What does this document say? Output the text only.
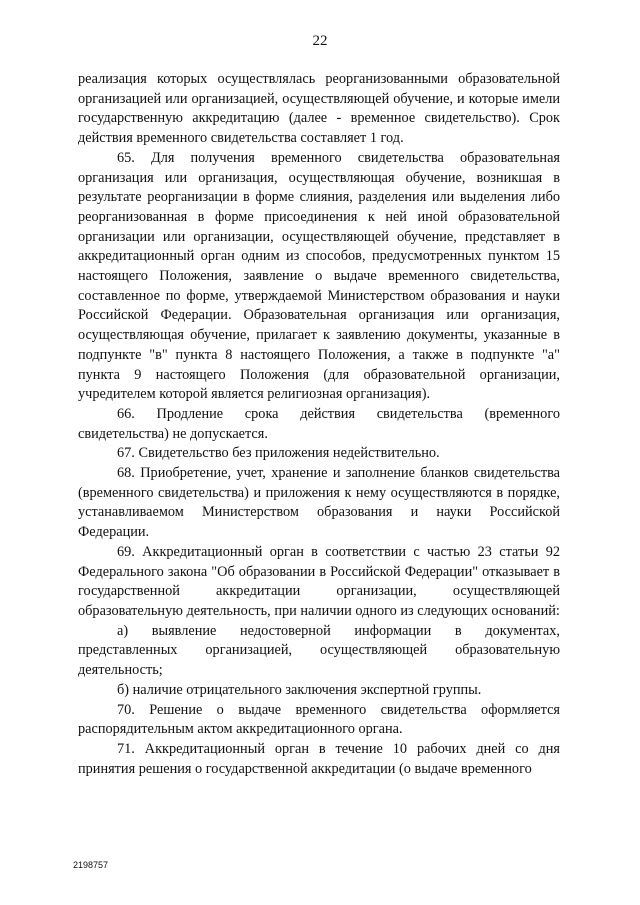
22

реализация которых осуществлялась реорганизованными образовательной организацией или организацией, осуществляющей обучение, и которые имели государственную аккредитацию (далее - временное свидетельство). Срок действия временного свидетельства составляет 1 год.

65. Для получения временного свидетельства образовательная организация или организация, осуществляющая обучение, возникшая в результате реорганизации в форме слияния, разделения или выделения либо реорганизованная в форме присоединения к ней иной образовательной организации или организации, осуществляющей обучение, представляет в аккредитационный орган одним из способов, предусмотренных пунктом 15 настоящего Положения, заявление о выдаче временного свидетельства, составленное по форме, утверждаемой Министерством образования и науки Российской Федерации. Образовательная организация или организация, осуществляющая обучение, прилагает к заявлению документы, указанные в подпункте "в" пункта 8 настоящего Положения, а также в подпункте "а" пункта 9 настоящего Положения (для образовательной организации, учредителем которой является религиозная организация).

66. Продление срока действия свидетельства (временного свидетельства) не допускается.

67. Свидетельство без приложения недействительно.

68. Приобретение, учет, хранение и заполнение бланков свидетельства (временного свидетельства) и приложения к нему осуществляются в порядке, устанавливаемом Министерством образования и науки Российской Федерации.

69. Аккредитационный орган в соответствии с частью 23 статьи 92 Федерального закона "Об образовании в Российской Федерации" отказывает в государственной аккредитации организации, осуществляющей образовательную деятельность, при наличии одного из следующих оснований:

а) выявление недостоверной информации в документах, представленных организацией, осуществляющей образовательную деятельность;

б) наличие отрицательного заключения экспертной группы.

70. Решение о выдаче временного свидетельства оформляется распорядительным актом аккредитационного органа.

71. Аккредитационный орган в течение 10 рабочих дней со дня принятия решения о государственной аккредитации (о выдаче временного

2198757
